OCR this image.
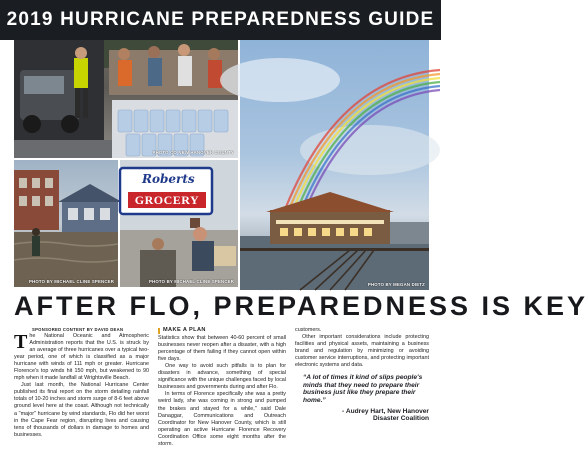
2019 HURRICANE PREPAREDNESS GUIDE
PHOTO CO NEW HANOVER COUNTY
PHOTO BY MEGAN DIETZ
PHOTO BY MICHAEL CLINE SPENCER
Roberts
GROCERY
PHOTO BY MICHAEL CLINE SPENCER
AFTER FLO, PREPAREDNESS IS KEY
SPONSORED CONTENT BY DAVID DEAN
T he National Oceanic and Atmospheric Administration reports that the U.S. is struck by an average of three hurricanes over a typical two-year period, one of which is classified as a major hurricane with winds of 111 mph or greater. Hurricane Florence's top winds hit 150 mph, but weakened to 90 mph when it made landfall at Wrightsville Beach.

Just last month, the National Hurricane Center published its final report on the storm detailing rainfall totals of 10-20 inches and storm surge of 8-6 feet above ground level here at the coast. Although not technically a "major" hurricane by wind standards, Flo did her worst in the Cape Fear region, disrupting lives and causing tens of thousands of dollars in damage to homes and businesses.

MAKE A PLAN

Statistics show that between 40-60 percent of small businesses never reopen after a disaster, with a high percentage of them failing if they cannot open within five days.

One way to avoid such pitfalls is to plan for disasters in advance, something of special significance with the unique challenges faced by local businesses and governments during and after Flo.

In terms of Florence specifically she was a pretty weird lady, she was coming in strong and pumped the brakes and stayed for a while," said Dale Danaggar, Communications and Outreach Coordinator for New Hanover County, which is still operating an active Hurricane Florence Recovery Coordination Office some eight months after the storm.

customers.

Other important considerations include protecting facilities and physical assets, maintaining a business brand and regulation by minimizing or avoiding customer service interruptions, and protecting important electronic systems and data.

“A lot of times it kind of slips people's minds that they need to prepare their business just like they prepare their home.”
- Audrey Hart, New Hanover
Disaster Coalition
